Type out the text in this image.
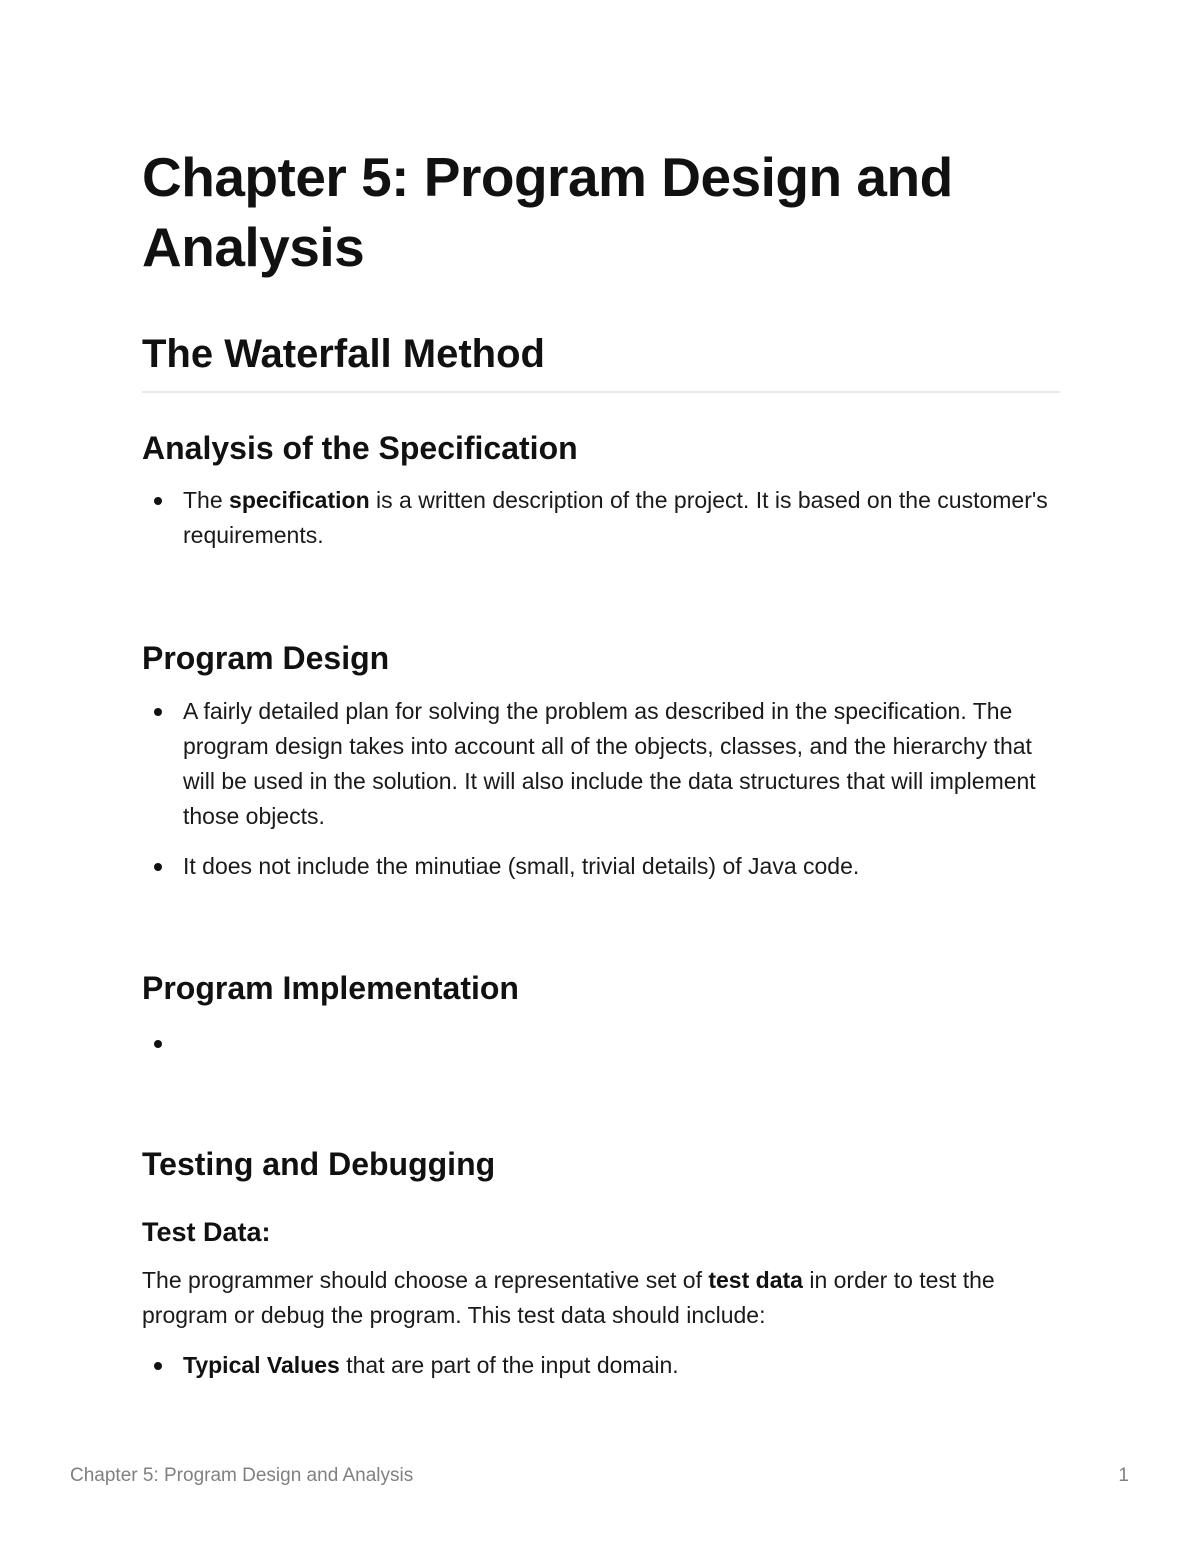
Chapter 5: Program Design and Analysis
The Waterfall Method
Analysis of the Specification
The specification is a written description of the project. It is based on the customer's requirements.
Program Design
A fairly detailed plan for solving the problem as described in the specification. The program design takes into account all of the objects, classes, and the hierarchy that will be used in the solution. It will also include the data structures that will implement those objects.
It does not include the minutiae (small, trivial details) of Java code.
Program Implementation
Testing and Debugging
Test Data:

The programmer should choose a representative set of test data in order to test the program or debug the program. This test data should include:

Typical Values that are part of the input domain.
Chapter 5: Program Design and Analysis	1
